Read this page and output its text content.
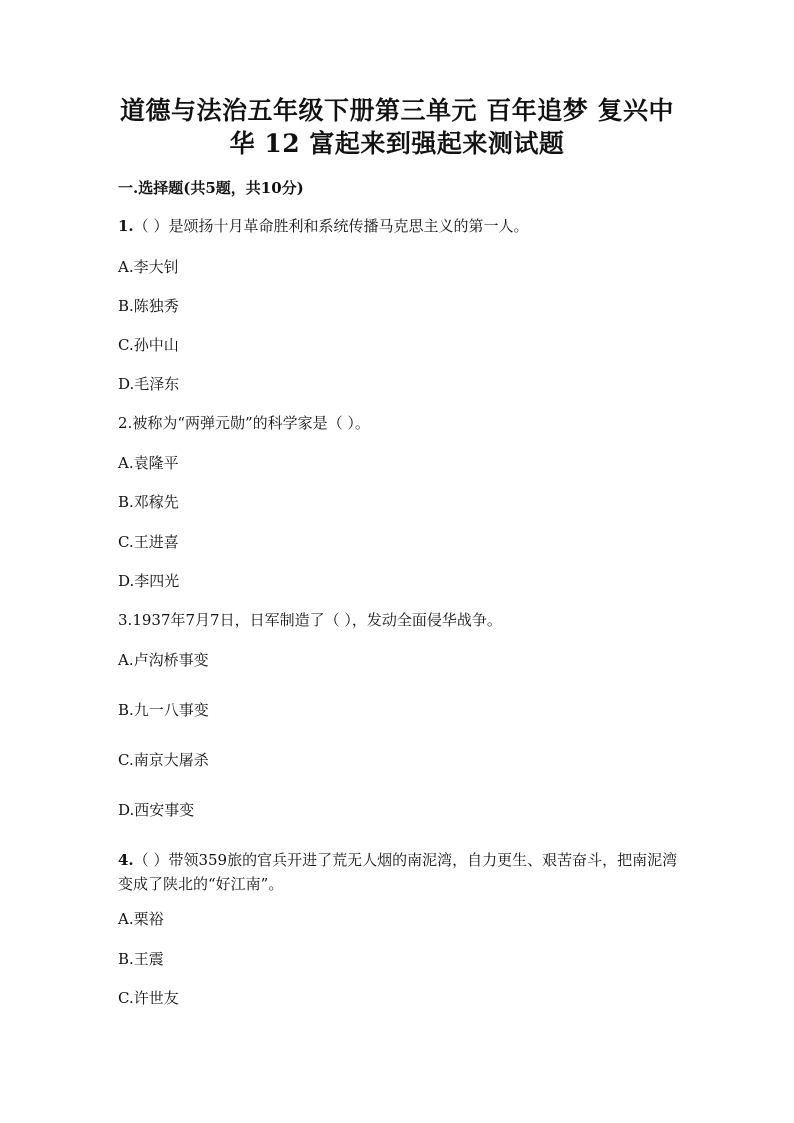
道德与法治五年级下册第三单元 百年追梦 复兴中
华 12 富起来到强起来测试题
一.选择题(共5题，共10分)
1.（ ）是颂扬十月革命胜利和系统传播马克思主义的第一人。
A.李大钊
B.陈独秀
C.孙中山
D.毛泽东
2.被称为“两弹元勋”的科学家是（ ）。
A.袁隆平
B.邓稼先
C.王进喜
D.李四光
3.1937年7月7日，日军制造了（ ），发动全面侵华战争。
A.卢沟桥事变
B.九一八事变
C.南京大屠杀
D.西安事变
4.（ ）带领359旅的官兵开进了荒无人烟的南泥湾，自力更生、艰苦奋斗，把南泥湾变成了陕北的“好江南”。
A.栗裕
B.王震
C.许世友
